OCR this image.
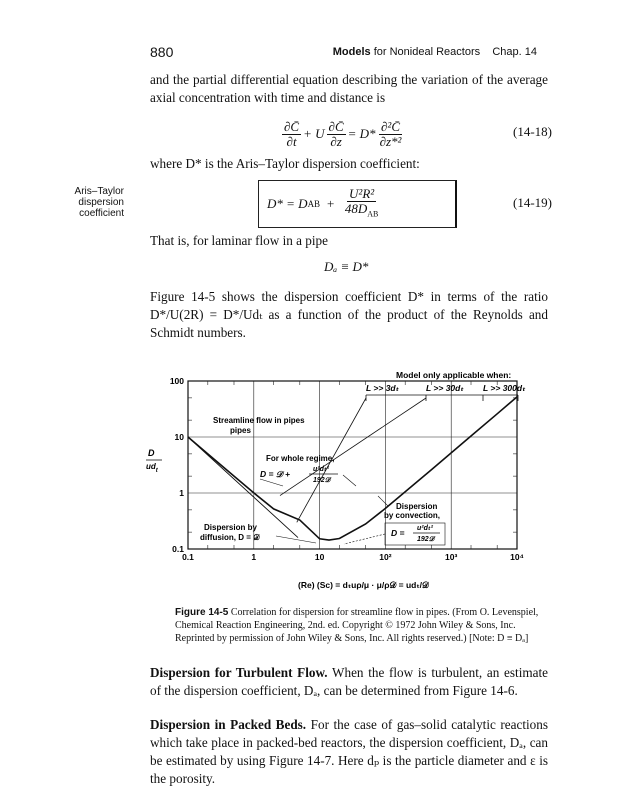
880	Models for Nonideal Reactors Chap. 14
and the partial differential equation describing the variation of the average axial concentration with time and distance is
$\frac{\partial C̄}{\partial t} + U \frac{\partial C̄}{\partial z} = D* \frac{\text{∂²C̄}}{\text{∂z*²}}$	(14-18)
where D* is the Aris–Taylor dispersion coefficient:
Aris–Taylor
dispersion
coefficient
D* = D AB + $\frac{\text{U²R²}}{48D_{AB}}$	(14-19)
That is, for laminar flow in a pipe
Dₐ ≡ D*
Figure 14-5 shows the dispersion coefficient D* in terms of the ratio D*/U(2R) = D*/Udₜ as a function of the product of the Reynolds and Schmidt numbers.
0.1	1	10	10²	10³	10⁴
100
10
1
0.1
Model only applicable when:
L >> 3dₜ	L >> 30dₜ L >> 300dₜ
Streamline flow in pipes
pipes
For whole regime,
D = 𝒟 +	u²dₜ²
192𝒟
Dispersion
by convection,
D = u²dₜ²
192𝒟
Dispersion by
diffusion, D = 𝒟
D
$ud_t$
(Re) (Sc) = dₜuρ/μ · μ/ρ𝒟 = udₜ/𝒟
Figure 14-5 Correlation for dispersion for streamline flow in pipes. (From O. Levenspiel, Chemical Reaction Engineering, 2nd. ed. Copyright © 1972 John Wiley & Sons, Inc. Reprinted by permission of John Wiley & Sons, Inc. All rights reserved.) [Note: D ≡ Dₐ]
Dispersion for Turbulent Flow. When the flow is turbulent, an estimate of the dispersion coefficient, Dₐ, can be determined from Figure 14-6.
Dispersion in Packed Beds. For the case of gas–solid catalytic reactions which take place in packed-bed reactors, the dispersion coefficient, Dₐ, can be estimated by using Figure 14-7. Here dₚ is the particle diameter and ε is the porosity.
